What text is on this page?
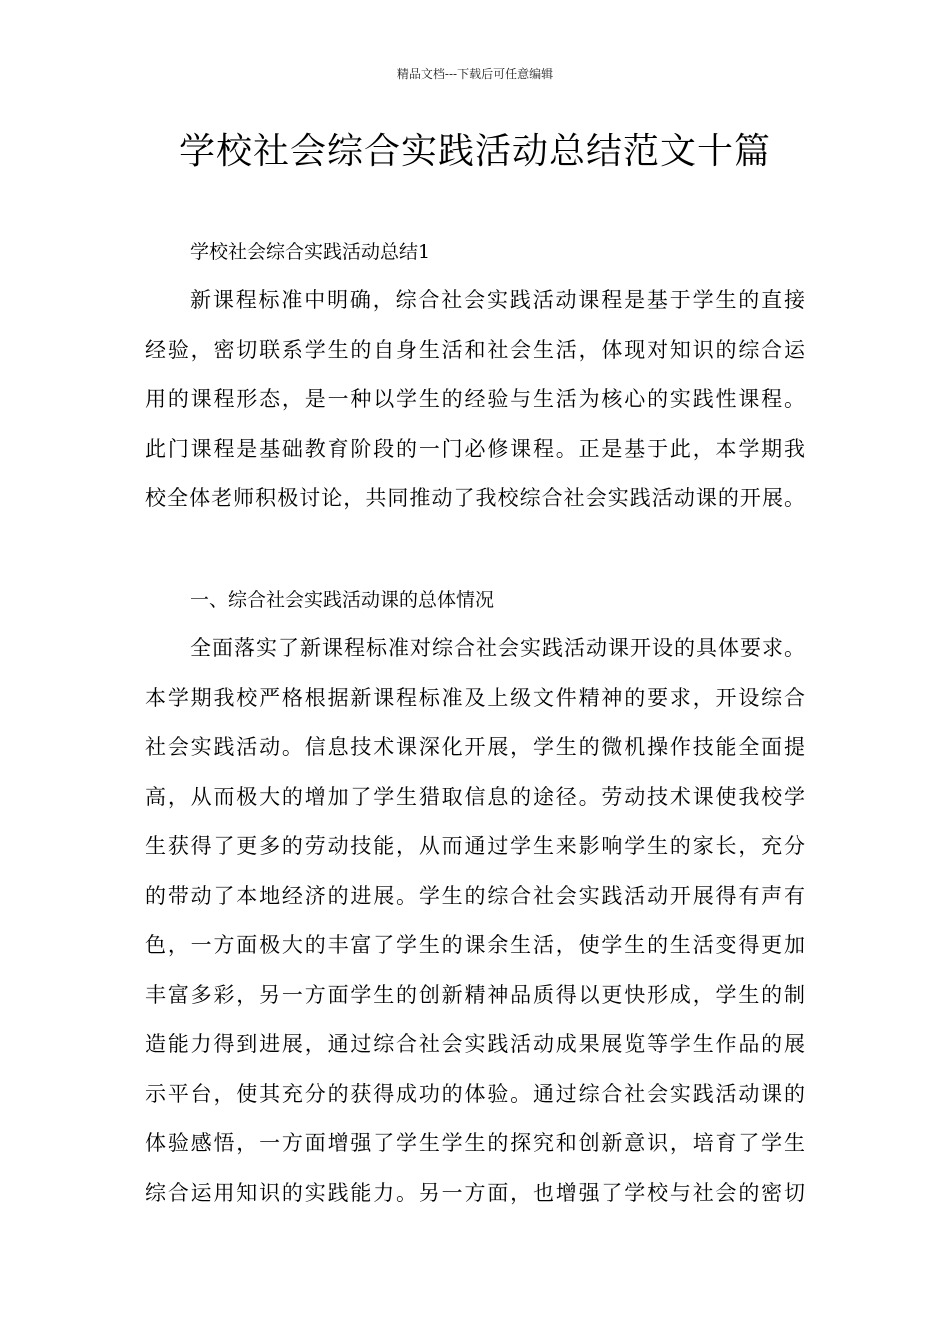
精品文档---下载后可任意编辑
学校社会综合实践活动总结范文十篇
学校社会综合实践活动总结1
新课程标准中明确，综合社会实践活动课程是基于学生的直接
经验，密切联系学生的自身生活和社会生活，体现对知识的综合运
用的课程形态，是一种以学生的经验与生活为核心的实践性课程。
此门课程是基础教育阶段的一门必修课程。正是基于此，本学期我
校全体老师积极讨论，共同推动了我校综合社会实践活动课的开展。
一、综合社会实践活动课的总体情况
全面落实了新课程标准对综合社会实践活动课开设的具体要求。
本学期我校严格根据新课程标准及上级文件精神的要求，开设综合
社会实践活动。信息技术课深化开展，学生的微机操作技能全面提
高，从而极大的增加了学生猎取信息的途径。劳动技术课使我校学
生获得了更多的劳动技能，从而通过学生来影响学生的家长，充分
的带动了本地经济的进展。学生的综合社会实践活动开展得有声有
色，一方面极大的丰富了学生的课余生活，使学生的生活变得更加
丰富多彩，另一方面学生的创新精神品质得以更快形成，学生的制
造能力得到进展，通过综合社会实践活动成果展览等学生作品的展
示平台，使其充分的获得成功的体验。通过综合社会实践活动课的
体验感悟，一方面增强了学生学生的探究和创新意识，培育了学生
综合运用知识的实践能力。另一方面，也增强了学校与社会的密切
